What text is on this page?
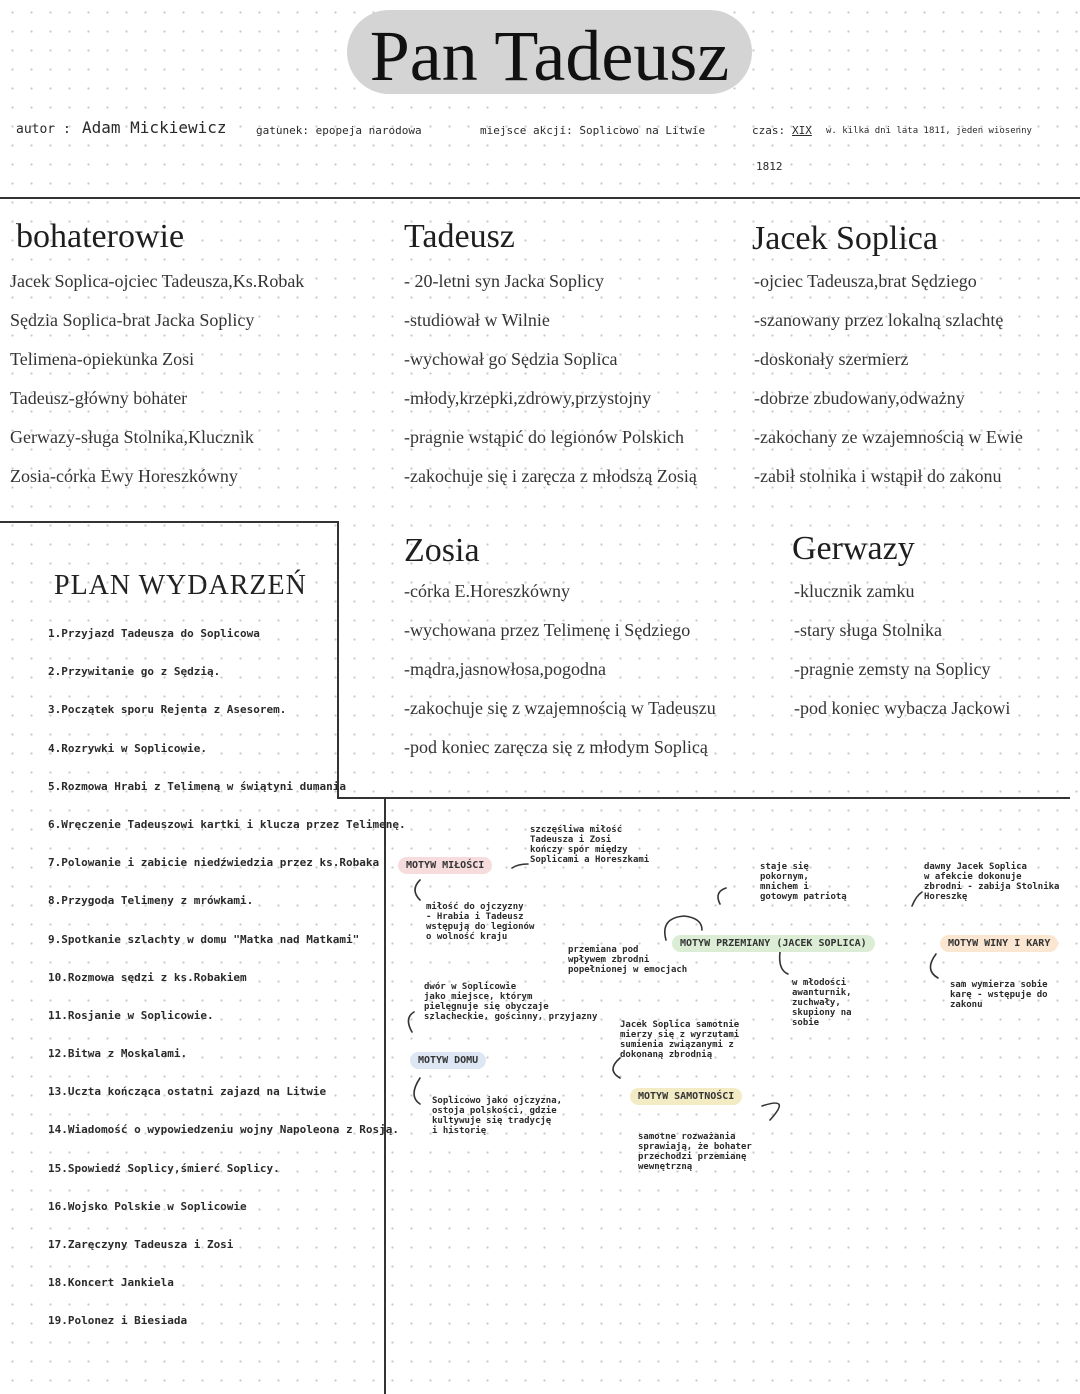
Pan Tadeusz
autor : Adam Mickiewicz	gatunek: epopeja narodowa	miejsce akcji: Soplicowo na Litwie	czas: XIX w. kilka dni lata 1811, jeden wiosenny
1812
bohaterowie
Jacek Soplica-ojciec Tadeusza,Ks.Robak
Sędzia Soplica-brat Jacka Soplicy
Telimena-opiekunka Zosi
Tadeusz-główny bohater
Gerwazy-sługa Stolnika,Klucznik
Zosia-córka Ewy Horeszkówny
Tadeusz
- 20-letni syn Jacka Soplicy
-studiował w Wilnie
-wychował go Sędzia Soplica
-młody,krzepki,zdrowy,przystojny
-pragnie wstąpić do legionów Polskich
-zakochuje się i zaręcza z młodszą Zosią
Jacek Soplica
-ojciec Tadeusza,brat Sędziego
-szanowany przez lokalną szlachtę
-doskonały szermierz
-dobrze zbudowany,odważny
-zakochany ze wzajemnością w Ewie
-zabił stolnika i wstąpił do zakonu
PLAN WYDARZEŃ
1.Przyjazd Tadeusza do Soplicowa
2.Przywitanie go z Sędzią.
3.Początek sporu Rejenta z Asesorem.
4.Rozrywki w Soplicowie.
5.Rozmowa Hrabi z Telimeną w świątyni dumania
6.Wręczenie Tadeuszowi kartki i klucza przez Telimenę.
7.Polowanie i zabicie niedźwiedzia przez ks.Robaka
8.Przygoda Telimeny z mrówkami.
9.Spotkanie szlachty w domu "Matka nad Matkami"
10.Rozmowa sędzi z ks.Robakiem
11.Rosjanie w Soplicowie.
12.Bitwa z Moskalami.
13.Uczta kończąca ostatni zajazd na Litwie
14.Wiadomość o wypowiedzeniu wojny Napoleona z Rosją.
15.Spowiedź Soplicy,śmierć Soplicy.
16.Wojsko Polskie w Soplicowie
17.Zaręczyny Tadeusza i Zosi
18.Koncert Jankiela
19.Polonez i Biesiada
Zosia
-córka E.Horeszkówny
-wychowana przez Telimenę i Sędziego
-mądra,jasnowłosa,pogodna
-zakochuje się z wzajemnością w Tadeuszu
-pod koniec zaręcza się z młodym Soplicą
Gerwazy
-klucznik zamku
-stary sługa Stolnika
-pragnie zemsty na Soplicy
-pod koniec wybacza Jackowi
szczęśliwa miłość
Tadeusza i Zosi
kończy spór między
Soplicami a Horeszkami
MOTYW MIŁOŚCI
miłość do ojczyzny
- Hrabia i Tadeusz
wstępują do legionów
o wolność kraju
staje się
pokornym,
mnichem i
gotowym patriotą
przemiana pod
wpływem zbrodni
popełnionej w emocjach
MOTYW PRZEMIANY (JACEK SOPLICA)
w młodości
awanturnik,
zuchwały,
skupiony na
sobie
dawny Jacek Soplica
w afekcie dokonuje
zbrodni - zabija Stolnika
Horeszkę
MOTYW WINY I KARY
sam wymierza sobie
karę - wstępuje do
zakonu
dwór w Soplicowie
jako miejsce, którym
pielęgnuje się obyczaje
szlacheckie, gościnny, przyjazny
MOTYW DOMU
Soplicowo jako ojczyzna,
ostoja polskości, gdzie
kultywuje się tradycję
i historię
Jacek Soplica samotnie
mierzy się z wyrzutami
sumienia związanymi z
dokonaną zbrodnią
MOTYW SAMOTNOŚCI
samotne rozważania
sprawiają, że bohater
przechodzi przemianę
wewnętrzną
